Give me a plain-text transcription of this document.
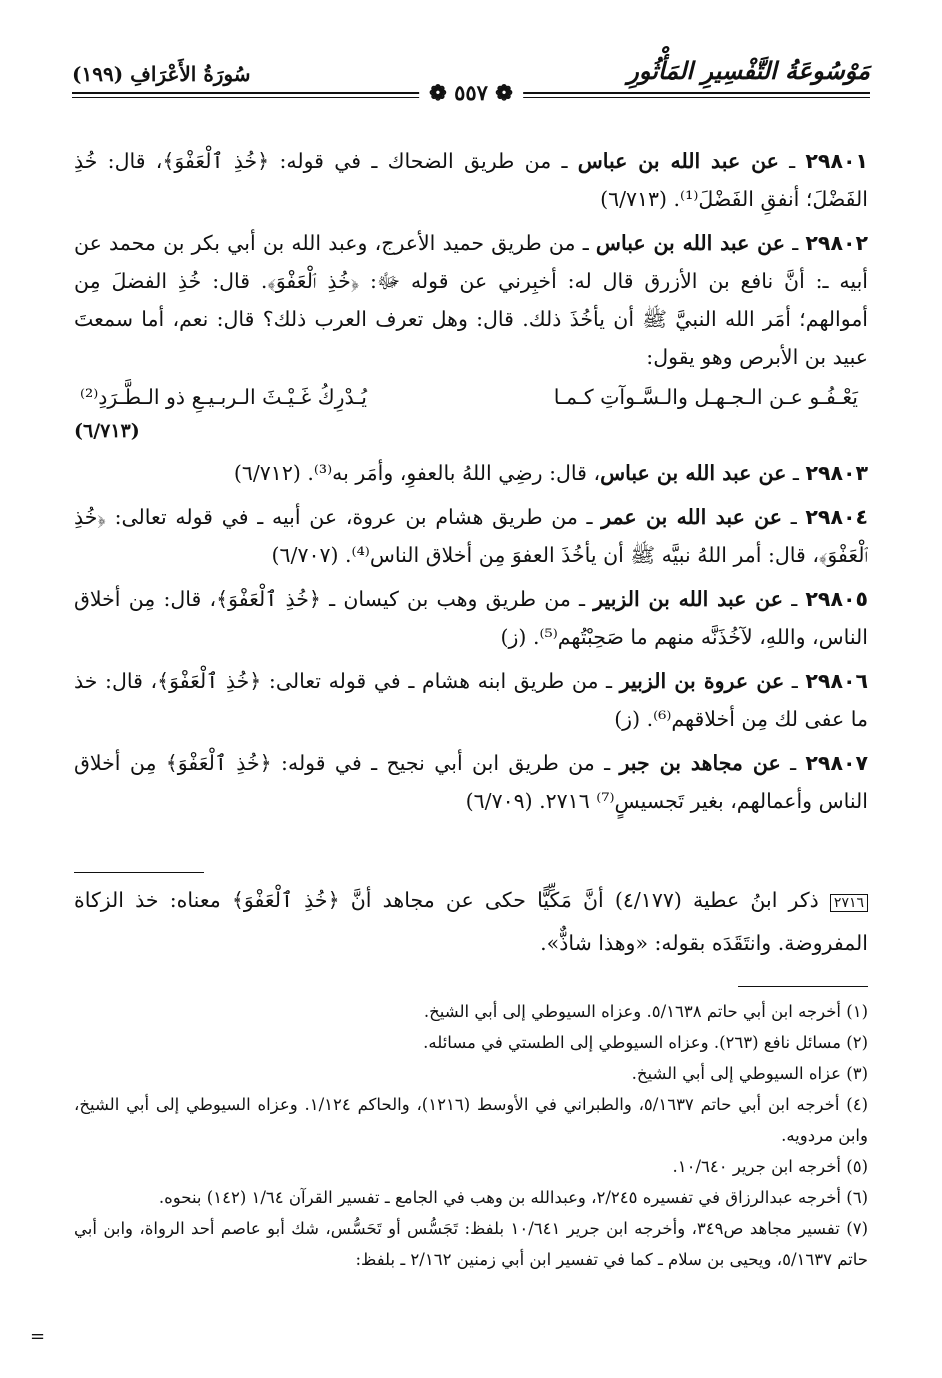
مَوْسُوعَةُ التَّفْسِيرِ المَأْثُورِ
سُورَةُ الأَعْرَافِ (١٩٩)
❁ ٥٥٧ ❁

٢٩٨٠١ ـ عن عبد الله بن عباس ـ من طريق الضحاك ـ في قوله: ﴿خُذِ ٱلْعَفْوَ﴾، قال: خُذِ الفَضْلَ؛ أنفقِ الفَضْلَ⁽¹⁾. (٦/٧١٣)

٢٩٨٠٢ ـ عن عبد الله بن عباس ـ من طريق حميد الأعرج، وعبد الله بن أبي بكر بن محمد عن أبيه ـ: أنَّ نافع بن الأزرق قال له: أخبِرني عن قوله ﷻ: ﴿خُذِ ٱلْعَفْوَ﴾. قال: خُذِ الفضلَ مِن أموالهم؛ أمَر الله النبيَّ ﷺ أن يأخُذَ ذلك. قال: وهل تعرف العرب ذلك؟ قال: نعم، أما سمعتَ عبيد بن الأبرص وهو يقول:

يَعْـفُـو عـن الـجـهـل والـسَّـوآتِ كـمـا
يُـدْرِكُ غَـيْـثَ الـربـيـعِ ذو الـطَّـرَدِ⁽²⁾
(٦/٧١٣)

٢٩٨٠٣ ـ عن عبد الله بن عباس، قال: رضِي اللهُ بالعفوِ، وأمَر به⁽³⁾. (٦/٧١٢)

٢٩٨٠٤ ـ عن عبد الله بن عمر ـ من طريق هشام بن عروة، عن أبيه ـ في قوله تعالى: ﴿خُذِ ٱلْعَفْوَ﴾، قال: أمر اللهُ نبيَّه ﷺ أن يأخُذَ العفوَ مِن أخلاق الناس⁽⁴⁾. (٦/٧٠٧)

٢٩٨٠٥ ـ عن عبد الله بن الزبير ـ من طريق وهب بن كيسان ـ ﴿خُذِ ٱلْعَفْوَ﴾، قال: مِن أخلاق الناس، واللهِ، لآخُذَنَّه منهم ما صَحِبْتُهم⁽⁵⁾. (ز)

٢٩٨٠٦ ـ عن عروة بن الزبير ـ من طريق ابنه هشام ـ في قوله تعالى: ﴿خُذِ ٱلْعَفْوَ﴾، قال: خذ ما عفى لك مِن أخلاقهم⁽⁶⁾. (ز)

٢٩٨٠٧ ـ عن مجاهد بن جبر ـ من طريق ابن أبي نجيح ـ في قوله: ﴿خُذِ ٱلْعَفْوَ﴾ مِن أخلاق الناس وأعمالهم، بغير تَجسيسٍ⁽⁷⁾ ٢٧١٦. (٦/٧٠٩)

٢٧١٦ ذكر ابنُ عطية (٤/١٧٧) أنَّ مَكِّيًّا حكى عن مجاهد أنَّ ﴿خُذِ ٱلْعَفْوَ﴾ معناه: خذ الزكاة المفروضة. وانتَقَدَه بقوله: «وهذا شاذٌّ».

(١) أخرجه ابن أبي حاتم ٥/١٦٣٨. وعزاه السيوطي إلى أبي الشيخ.

(٢) مسائل نافع (٢٦٣). وعزاه السيوطي إلى الطستي في مسائله.

(٣) عزاه السيوطي إلى أبي الشيخ.

(٤) أخرجه ابن أبي حاتم ٥/١٦٣٧، والطبراني في الأوسط (١٢١٦)، والحاكم ١/١٢٤. وعزاه السيوطي إلى أبي الشيخ، وابن مردويه.

(٥) أخرجه ابن جرير ١٠/٦٤٠.

(٦) أخرجه عبدالرزاق في تفسيره ٢/٢٤٥، وعبدالله بن وهب في الجامع ـ تفسير القرآن ١/٦٤ (١٤٢) بنحوه.

(٧) تفسير مجاهد ص٣٤٩، وأخرجه ابن جرير ١٠/٦٤١ بلفظ: تَجَسُّس أو تَحَسُّس، شك أبو عاصم أحد الرواة، وابن أبي حاتم ٥/١٦٣٧، ويحيى بن سلام ـ كما في تفسير ابن أبي زمنين ٢/١٦٢ ـ بلفظ:

=
